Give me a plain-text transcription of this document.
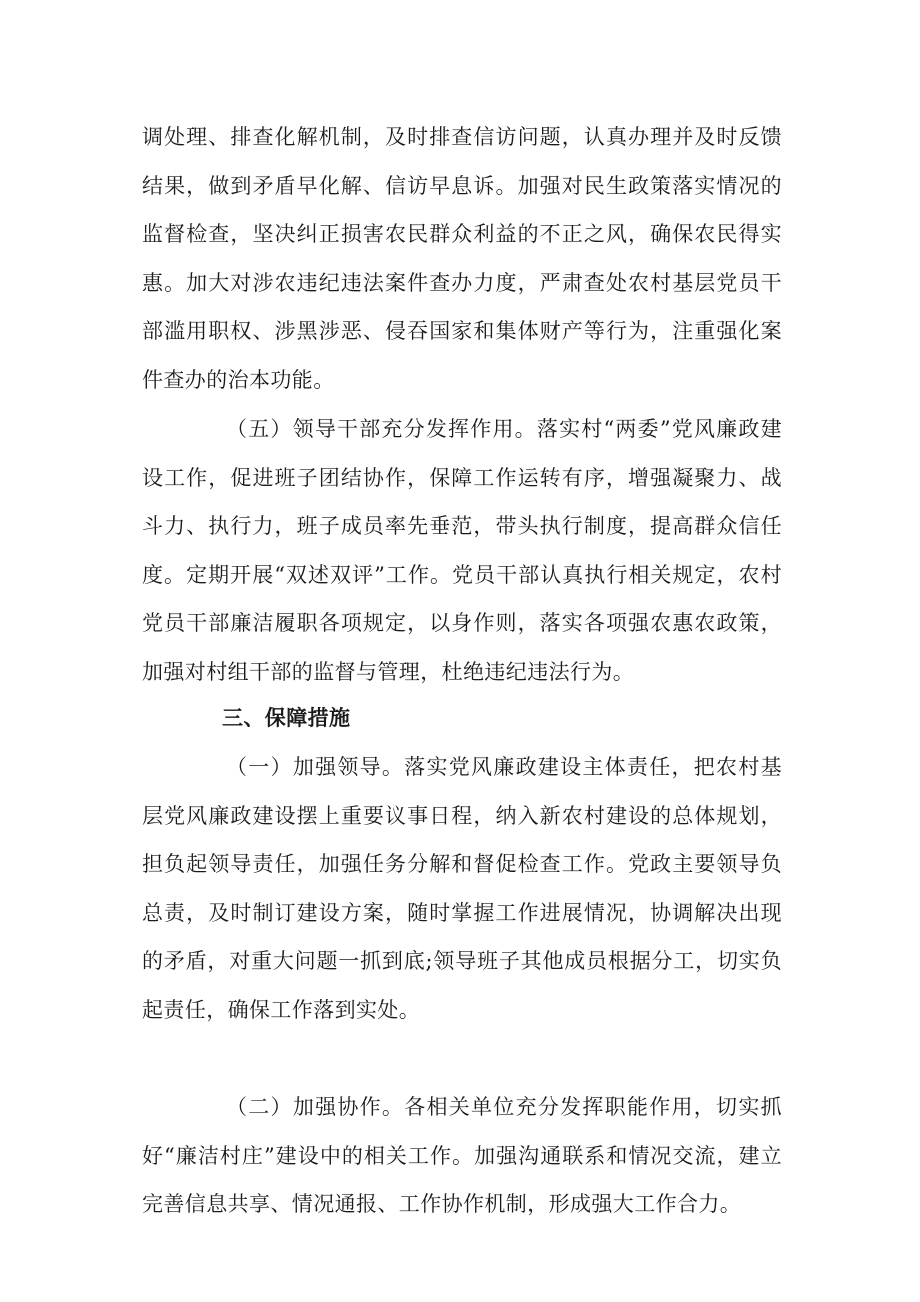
调处理、排查化解机制，及时排查信访问题，认真办理并及时反馈结果，做到矛盾早化解、信访早息诉。加强对民生政策落实情况的监督检查，坚决纠正损害农民群众利益的不正之风，确保农民得实惠。加大对涉农违纪违法案件查办力度，严肃查处农村基层党员干部滥用职权、涉黑涉恶、侵吞国家和集体财产等行为，注重强化案件查办的治本功能。

（五）领导干部充分发挥作用。落实村“两委”党风廉政建设工作，促进班子团结协作，保障工作运转有序，增强凝聚力、战斗力、执行力，班子成员率先垂范，带头执行制度，提高群众信任度。定期开展“双述双评”工作。党员干部认真执行相关规定，农村党员干部廉洁履职各项规定，以身作则，落实各项强农惠农政策，加强对村组干部的监督与管理，杜绝违纪违法行为。

三、保障措施

（一）加强领导。落实党风廉政建设主体责任，把农村基层党风廉政建设摆上重要议事日程，纳入新农村建设的总体规划，担负起领导责任，加强任务分解和督促检查工作。党政主要领导负总责，及时制订建设方案，随时掌握工作进展情况，协调解决出现的矛盾，对重大问题一抓到底;领导班子其他成员根据分工，切实负起责任，确保工作落到实处。

（二）加强协作。各相关单位充分发挥职能作用，切实抓好“廉洁村庄”建设中的相关工作。加强沟通联系和情况交流，建立完善信息共享、情况通报、工作协作机制，形成强大工作合力。
